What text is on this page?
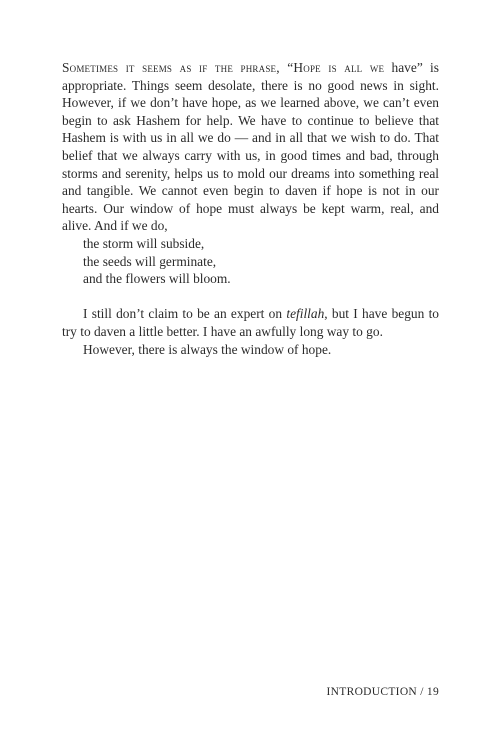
Sometimes it seems as if the phrase, “Hope is all we have” is appropriate. Things seem desolate, there is no good news in sight. However, if we don’t have hope, as we learned above, we can’t even begin to ask Hashem for help. We have to continue to believe that Hashem is with us in all we do — and in all that we wish to do. That belief that we always carry with us, in good times and bad, through storms and serenity, helps us to mold our dreams into something real and tangible. We cannot even begin to daven if hope is not in our hearts. Our window of hope must always be kept warm, real, and alive. And if we do,

the storm will subside,

the seeds will germinate,

and the flowers will bloom.

I still don’t claim to be an expert on tefillah, but I have begun to try to daven a little better. I have an awfully long way to go.

However, there is always the window of hope.

INTRODUCTION / 19
